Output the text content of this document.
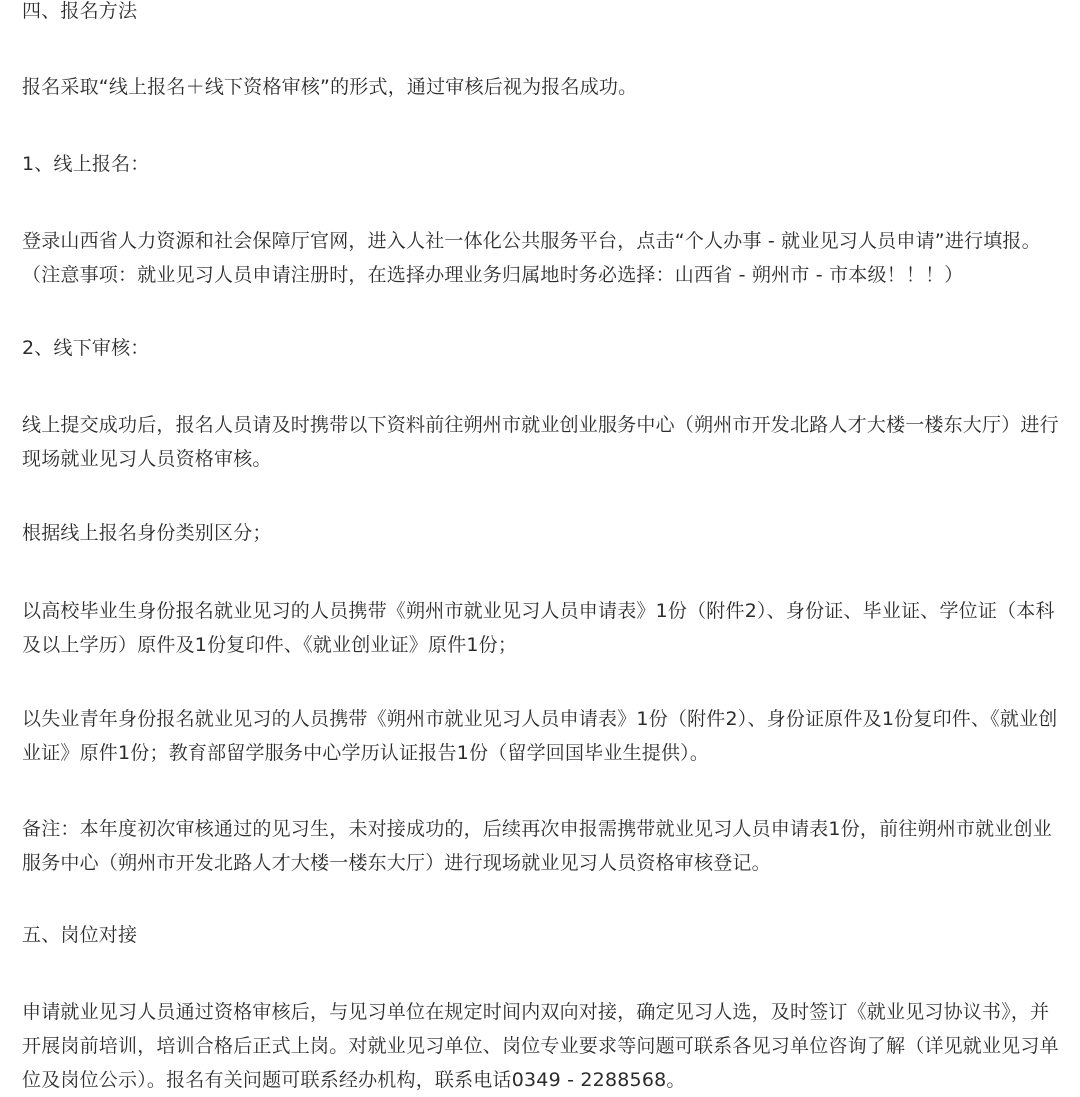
四、报名方法

报名采取“线上报名＋线下资格审核”的形式，通过审核后视为报名成功。

1、线上报名：

登录山西省人力资源和社会保障厅官网，进入人社一体化公共服务平台，点击“个人办事 - 就业见习人员申请”进行填报。（注意事项：就业见习人员申请注册时，在选择办理业务归属地时务必选择：山西省 - 朔州市 - 市本级！！！）

2、线下审核：

线上提交成功后，报名人员请及时携带以下资料前往朔州市就业创业服务中心（朔州市开发北路人才大楼一楼东大厅）进行现场就业见习人员资格审核。

根据线上报名身份类别区分；

以高校毕业生身份报名就业见习的人员携带《朔州市就业见习人员申请表》1份（附件2）、身份证、毕业证、学位证（本科及以上学历）原件及1份复印件、《就业创业证》原件1份；

以失业青年身份报名就业见习的人员携带《朔州市就业见习人员申请表》1份（附件2）、身份证原件及1份复印件、《就业创业证》原件1份；教育部留学服务中心学历认证报告1份（留学回国毕业生提供）。

备注：本年度初次审核通过的见习生，未对接成功的，后续再次申报需携带就业见习人员申请表1份，前往朔州市就业创业服务中心（朔州市开发北路人才大楼一楼东大厅）进行现场就业见习人员资格审核登记。

五、岗位对接

申请就业见习人员通过资格审核后，与见习单位在规定时间内双向对接，确定见习人选，及时签订《就业见习协议书》，并开展岗前培训，培训合格后正式上岗。对就业见习单位、岗位专业要求等问题可联系各见习单位咨询了解（详见就业见习单位及岗位公示）。报名有关问题可联系经办机构，联系电话0349 - 2288568。
